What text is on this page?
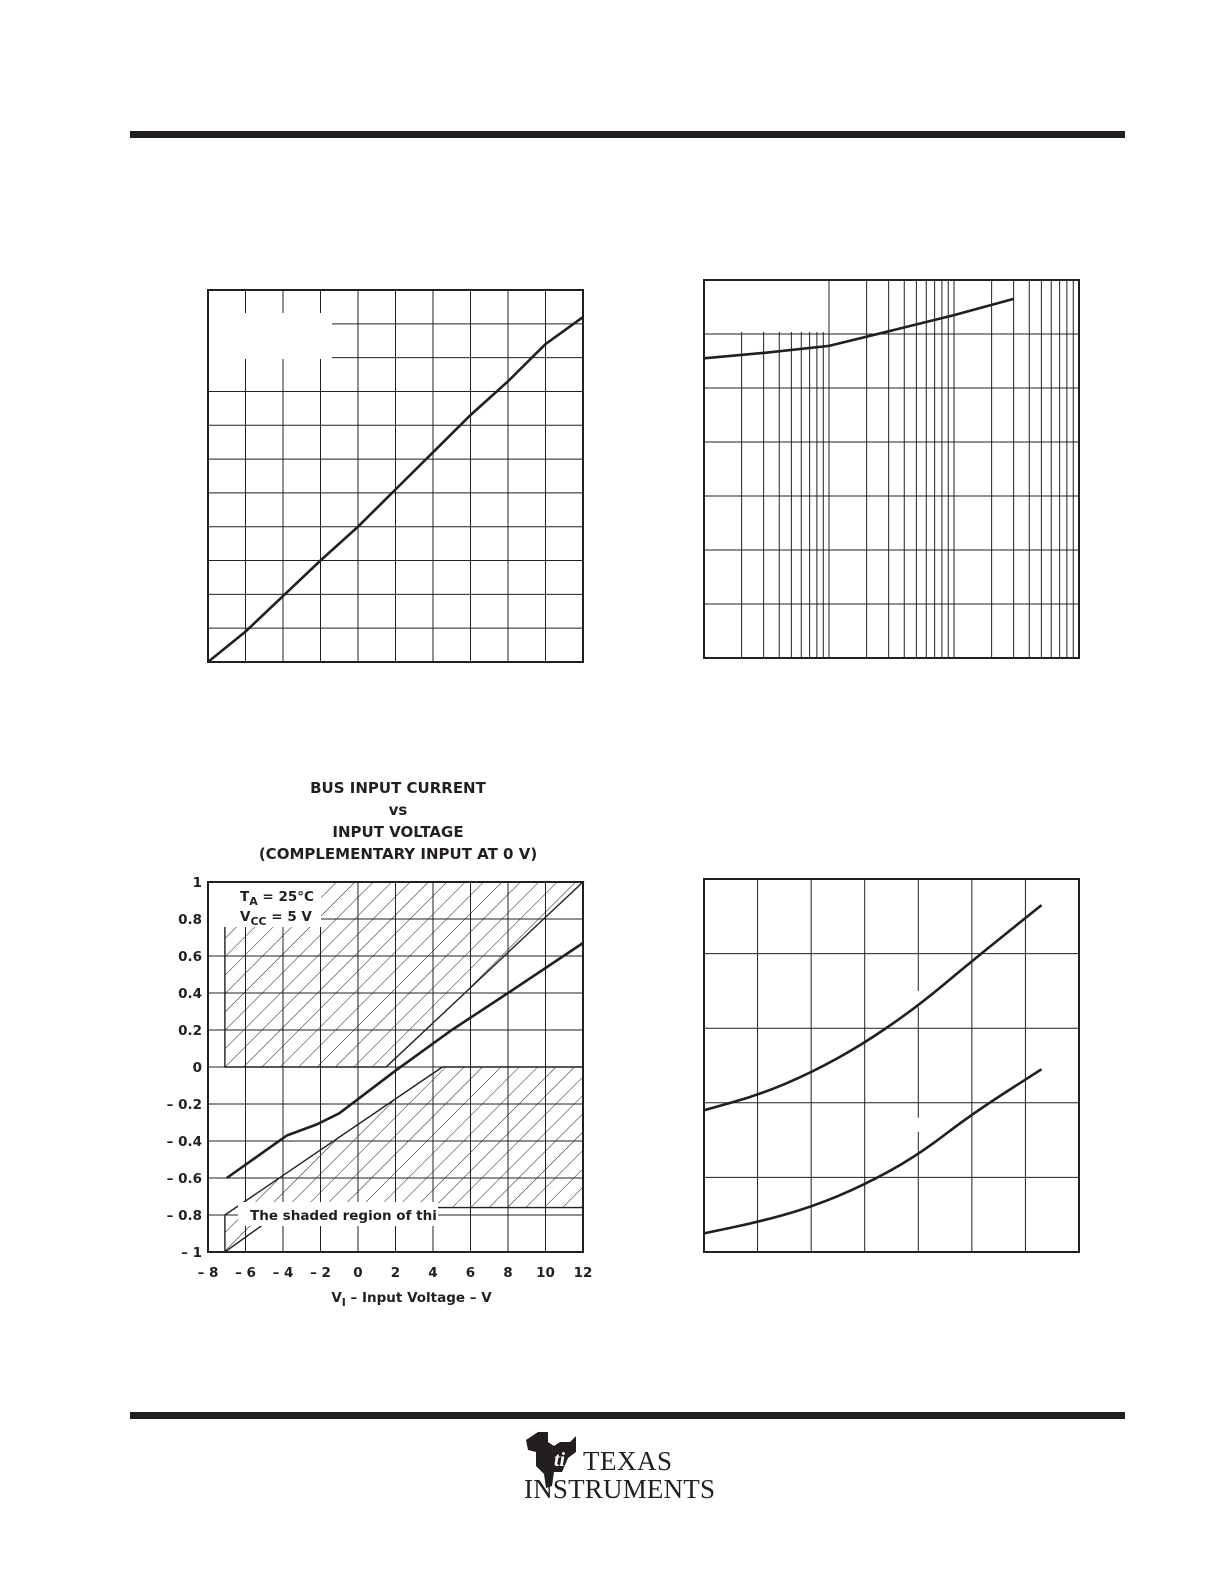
BUS INPUT CURRENT
vs
INPUT VOLTAGE
(COMPLEMENTARY INPUT AT 0 V)
$T_A = 25^\circ C$
$V_{CC} = 5$ V
The shaded region of thi
1
0.8
0.6
0.4
0.2
0
– 0.2
– 0.4
– 0.6
– 0.8
– 1
– 8 – 6 – 4 – 2 0 2 4 6 8 10 12
$V_I$ – Input Voltage – V
ti TEXAS
INSTRUMENTS
